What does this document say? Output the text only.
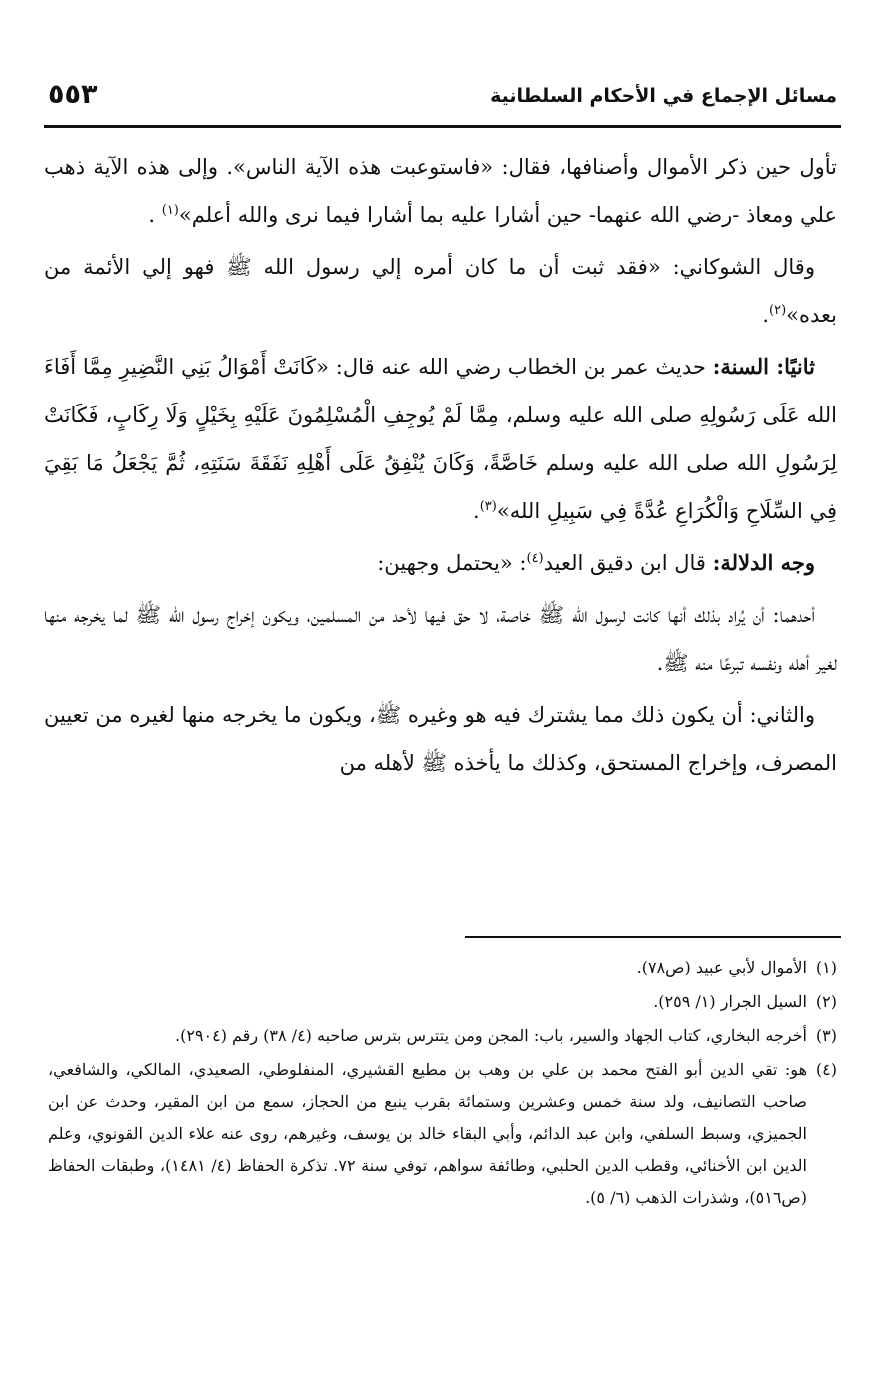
٥٥٣	مسائل الإجماع في الأحكام السلطانية

تأول حين ذكر الأموال وأصنافها، فقال: «فاستوعبت هذه الآية الناس». وإلى هذه الآية ذهب علي ومعاذ -رضي الله عنهما- حين أشارا عليه بما أشارا فيما نرى والله أعلم»$^{(١)}$ .

وقال الشوكاني: «فقد ثبت أن ما كان أمره إلي رسول الله ﷺ فهو إلي الأئمة من بعده»$^{(٢)}$.

ثانيًا: السنة: حديث عمر بن الخطاب رضي الله عنه قال: «كَانَتْ أَمْوَالُ بَنِي النَّضِيرِ مِمَّا أَفَاءَ الله عَلَى رَسُولِهِ صلى الله عليه وسلم، مِمَّا لَمْ يُوجِفِ الْمُسْلِمُونَ عَلَيْهِ بِخَيْلٍ وَلَا رِكَابٍ، فَكَانَتْ لِرَسُولِ الله صلى الله عليه وسلم خَاصَّةً، وَكَانَ يُنْفِقُ عَلَى أَهْلِهِ نَفَقَةَ سَنَتِهِ، ثُمَّ يَجْعَلُ مَا بَقِيَ فِي السِّلَاحِ وَالْكُرَاعِ عُدَّةً فِي سَبِيلِ الله»$^{(٣)}$.

وجه الدلالة: قال ابن دقيق العيد$^{(٤)}$: «يحتمل وجهين:

أحدهما: أن يُراد بذلك أنها كانت لرسول الله ﷺ خاصة، لا حق فيها لأحد من المسلمين، ويكون إخراج رسول الله ﷺ لما يخرجه منها لغير أهله ونفسه تبرعًا منه ﷺ.

والثاني: أن يكون ذلك مما يشترك فيه هو وغيره ﷺ، ويكون ما يخرجه منها لغيره من تعيين المصرف، وإخراج المستحق، وكذلك ما يأخذه ﷺ لأهله من

(١)
الأموال لأبي عبيد (ص٧٨).
(٢)
السيل الجرار (١/ ٢٥٩).
(٣)
أخرجه البخاري، كتاب الجهاد والسير، باب: المجن ومن يتترس بترس صاحبه (٤/ ٣٨) رقم (٢٩٠٤).
(٤)
هو: تقي الدين أبو الفتح محمد بن علي بن وهب بن مطيع القشيري، المنفلوطي، الصعيدي، المالكي، والشافعي، صاحب التصانيف، ولد سنة خمس وعشرين وستمائة بقرب ينبع من الحجاز، سمع من ابن المقير، وحدث عن ابن الجميزي، وسبط السلفي، وابن عبد الدائم، وأبي البقاء خالد بن يوسف، وغيرهم، روى عنه علاء الدين القونوي، وعلم الدين ابن الأخنائي، وقطب الدين الحلبي، وطائفة سواهم، توفي سنة ٧٢. تذكرة الحفاظ (٤/ ١٤٨١)، وطبقات الحفاظ (ص٥١٦)، وشذرات الذهب (٦/ ٥).
